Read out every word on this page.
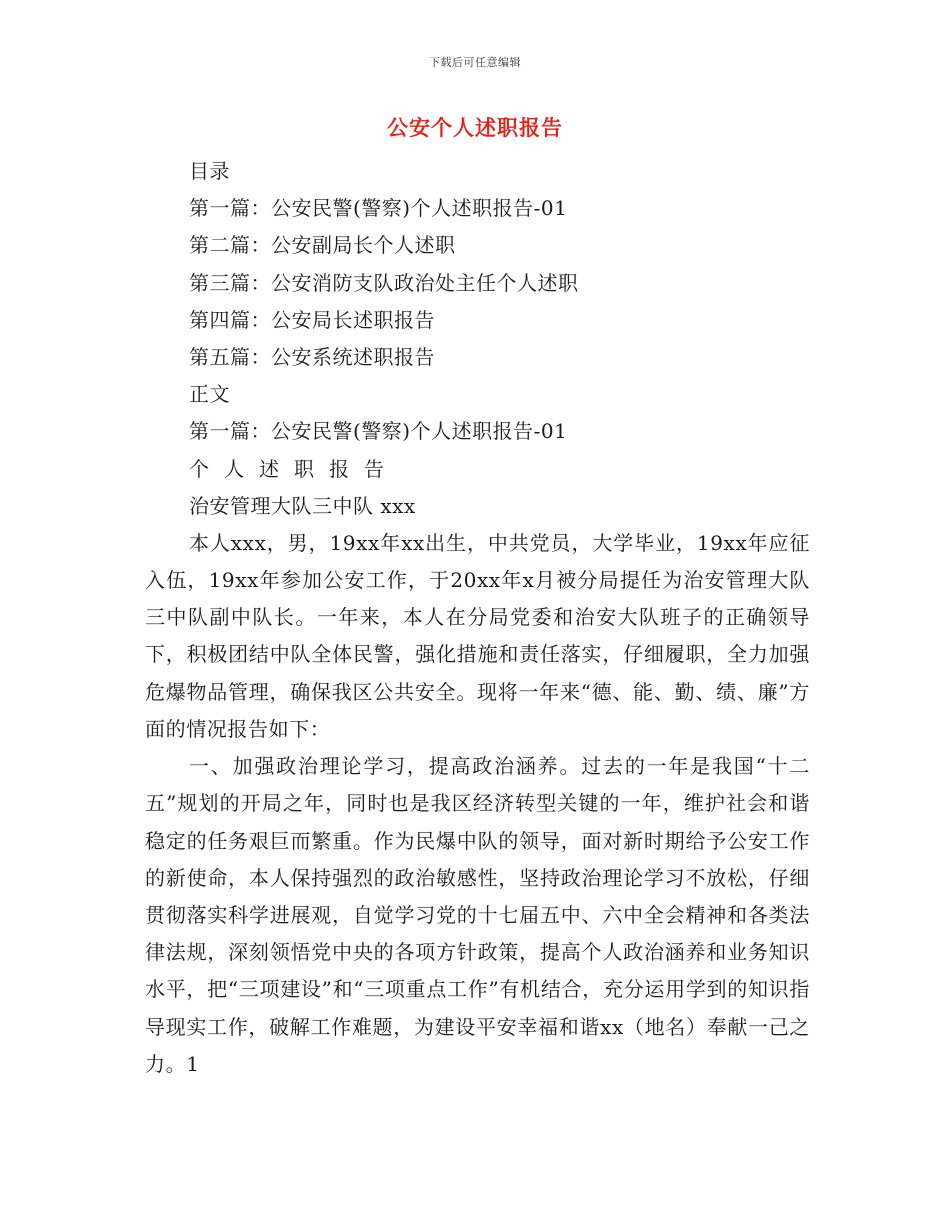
下载后可任意编辑
公安个人述职报告
目录
第一篇：公安民警(警察)个人述职报告-01
第二篇：公安副局长个人述职
第三篇：公安消防支队政治处主任个人述职
第四篇：公安局长述职报告
第五篇：公安系统述职报告
正文
第一篇：公安民警(警察)个人述职报告-01
个人述职报告
治安管理大队三中队 xxx

本人xxx，男，19xx年xx出生，中共党员，大学毕业，19xx年应征入伍，19xx年参加公安工作，于20xx年x月被分局提任为治安管理大队三中队副中队长。一年来，本人在分局党委和治安大队班子的正确领导下，积极团结中队全体民警，强化措施和责任落实，仔细履职，全力加强危爆物品管理，确保我区公共安全。现将一年来“德、能、勤、绩、廉”方面的情况报告如下：

一、加强政治理论学习，提高政治涵养。过去的一年是我国“十二五”规划的开局之年，同时也是我区经济转型关键的一年，维护社会和谐稳定的任务艰巨而繁重。作为民爆中队的领导，面对新时期给予公安工作的新使命，本人保持强烈的政治敏感性，坚持政治理论学习不放松，仔细贯彻落实科学进展观，自觉学习党的十七届五中、六中全会精神和各类法律法规，深刻领悟党中央的各项方针政策，提高个人政治涵养和业务知识水平，把“三项建设”和“三项重点工作”有机结合，充分运用学到的知识指导现实工作，破解工作难题，为建设平安幸福和谐xx（地名）奉献一己之力。1
